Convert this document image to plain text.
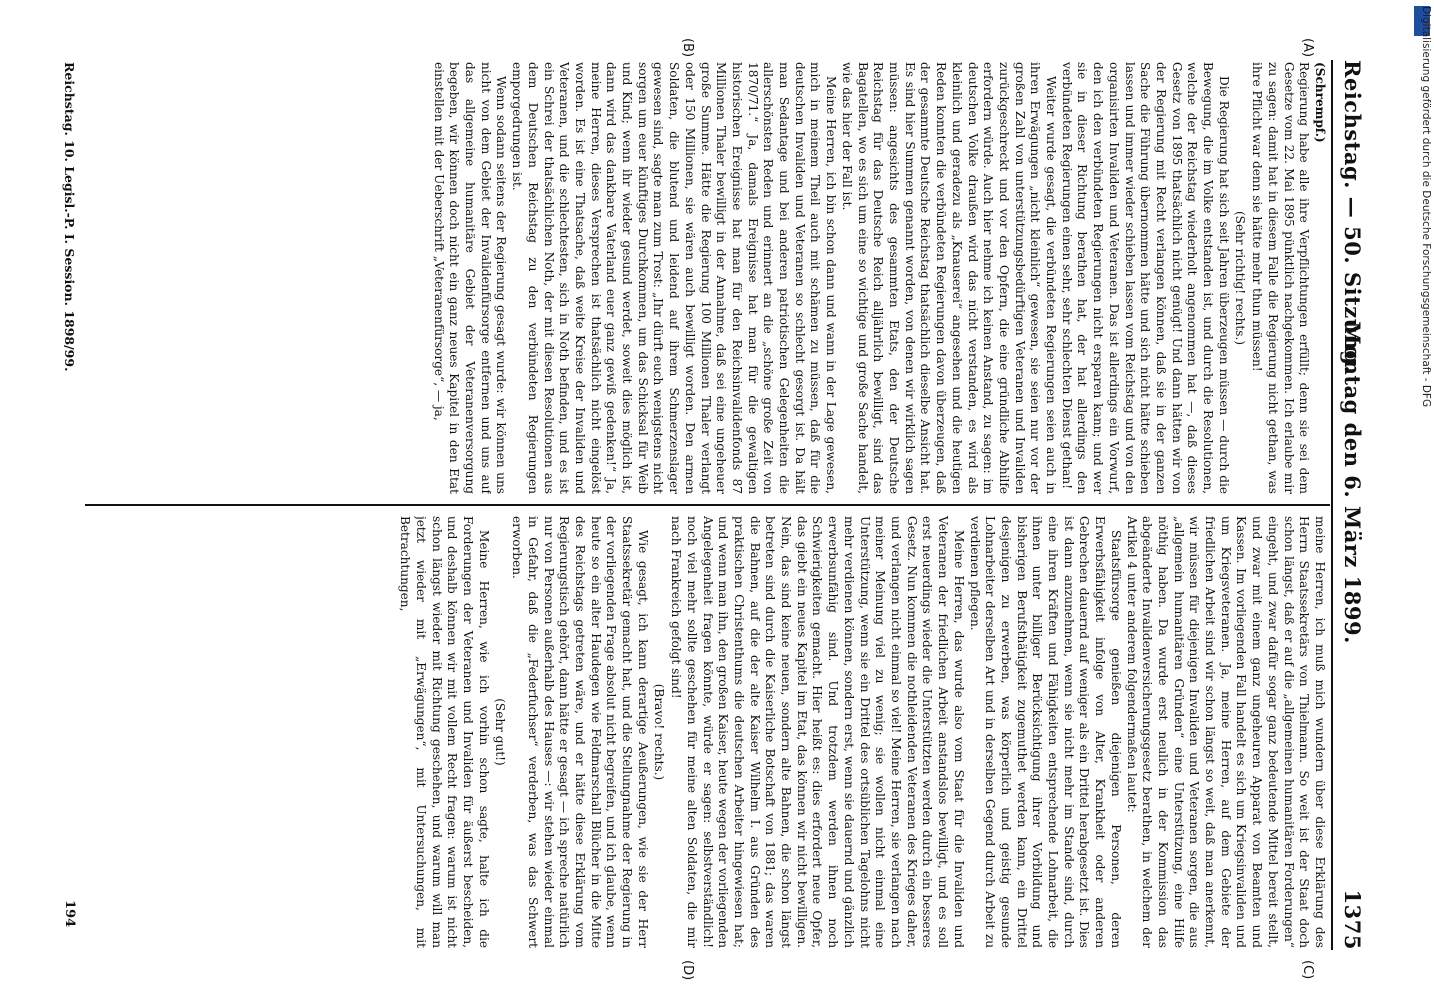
Reichstag. — 50. Sitzung.
Montag den 6. März 1899.  1375
(A)
(B)
(C)
(D)

(Schrempf.)

Regierung habe alle ihre Verpflichtungen erfüllt; denn sie sei dem Gesetze vom 22. Mai 1895 pünktlich nachgekommen. Ich erlaube mir zu sagen: damit hat in diesem Falle die Regierung nicht gethan, was ihre Pflicht war denn sie hätte mehr thun müssen!

(Sehr richtig! rechts.)

Die Regierung hat sich seit Jahren überzeugen müssen — durch die Bewegung, die im Volke entstanden ist, und durch die Resolutionen, welche der Reichstag wiederholt angenommen hat —, daß dieses Gesetz von 1895 thatsächlich nicht genügt! Und dann hätten wir von der Regierung mit Recht verlangen können, daß sie in der ganzen Sache die Führung übernommen hätte und sich nicht hätte schieben lassen und immer wieder schieben lassen vom Reichstag und von den organisirten Invaliden und Veteranen. Das ist allerdings ein Vorwurf, den ich den verbündeten Regierungen nicht ersparen kann; und wer sie in dieser Richtung berathen hat, der hat allerdings den verbündeten Regierungen einen sehr, sehr schlechten Dienst gethan!

Weiter wurde gesagt, die verbündeten Regierungen seien auch in ihren Erwägungen „nicht kleinlich“ gewesen, sie seien nur vor der großen Zahl von unterstützungsbedürftigen Veteranen und Invaliden zurückgeschreckt und vor den Opfern, die eine gründliche Abhilfe erfordern würde. Auch hier nehme ich keinen Anstand, zu sagen: im deutschen Volke draußen wird das nicht verstanden, es wird als kleinlich und geradezu als „Knauserei“ angesehen und die heutigen Reden konnten die verbündeten Regierungen davon überzeugen, daß der gesammte Deutsche Reichstag thatsächlich dieselbe Ansicht hat. Es sind hier Summen genannt worden, von denen wir wirklich sagen müssen: angesichts des gesammten Etats, den der Deutsche Reichstag für das Deutsche Reich alljährlich bewilligt, sind das Bagatellen, wo es sich um eine so wichtige und große Sache handelt, wie das hier der Fall ist.

Meine Herren, ich bin schon dann und wann in der Lage gewesen, mich in meinem Theil auch mit schämen zu müssen, daß für die deutschen Invaliden und Veteranen so schlecht gesorgt ist. Da hält man Sedantage und bei anderen patriotischen Gelegenheiten die allerschönsten Reden und erinnert an die „schöne große Zeit von 1870/71.“ Ja, damals Ereignisse hat man für die gewaltigen historischen Ereignisse hat man für den Reichsinvalidenfonds 87 Millionen Thaler bewilligt in der Annahme, daß sei eine ungeheuer große Summe. Hätte die Regierung 100 Millionen Thaler verlangt oder 150 Millionen, sie wären auch bewilligt worden. Den armen Soldaten, die blutend und leidend auf ihrem Schmerzenslager gewesen sind, sagte man zum Trost: „Ihr dürft euch wenigstens nicht sorgen um euer künftiges Durchkommen, um das Schicksal für Weib und Kind; wenn ihr wieder gesund werdet, soweit dies möglich ist, dann wird das dankbare Vaterland euer ganz gewiß gedenken!“ Ja, meine Herren, dieses Versprechen ist thatsächlich nicht eingelöst worden. Es ist eine Thatsache, daß weite Kreise der Invaliden und Veteranen, und die schlechtesten, sich in Noth befinden, und es ist ein Schrei der thatsächlichen Noth, der mit diesen Resolutionen aus dem Deutschen Reichstag zu den verbündeten Regierungen emporgedrungen ist.

Wenn sodann seitens der Regierung gesagt wurde: wir können uns nicht von dem Gebiet der Invalidenfürsorge entfernen und uns auf das allgemeine humanitäre Gebiet der Veteranenversorgung begeben, wir können doch nicht ein ganz neues Kapitel in den Etat einstellen mit der Ueberschrift „Veteranenfürsorge“, — ja,

meine Herren, ich muß mich wundern über diese Erklärung des Herrn Staatssekretärs von Thielmann. So weit ist der Staat doch schon längst, daß er auf die „allgemeinen humanitären Forderungen“ eingeht, und zwar dafür sogar ganz bedeutende Mittel bereit stellt, und zwar mit einem ganz ungeheuren Apparat von Beamten und Kassen. Im vorliegenden Fall handelt es sich um Kriegsinvaliden und um Kriegsveteranen. Ja, meine Herren, auf dem Gebiete der friedlichen Arbeit sind wir schon längst so weit, daß man anerkennt, wir müssen für diejenigen Invaliden und Veteranen sorgen, die aus „allgemein humanitären Gründen“ eine Unterstützung, eine Hilfe nöthig haben. Da wurde erst neulich in der Kommission das abgeänderte Invalidenversicherungsgesetz berathen, in welchem der Artikel 4 unter anderem folgendermaßen lautet:

Staatsfürsorge genießen diejenigen Personen, deren Erwerbsfähigkeit infolge von Alter, Krankheit oder anderen Gebrechen dauernd auf weniger als ein Drittel herabgesetzt ist. Dies ist dann anzunehmen, wenn sie nicht mehr im Stande sind, durch eine ihren Kräften und Fähigkeiten entsprechende Lohnarbeit, die ihnen unter billiger Berücksichtigung ihrer Vorbildung und bisherigen Berufsthätigkeit zugemuthet werden kann, ein Drittel desjenigen zu erwerben, was körperlich und geistig gesunde Lohnarbeiter derselben Art und in derselben Gegend durch Arbeit zu verdienen pflegen.

Meine Herren, das wurde also vom Staat für die Invaliden und Veteranen der friedlichen Arbeit anstandslos bewilligt, und es soll erst neuerdings wieder die Unterstützten werden durch ein besseres Gesetz. Nun kommen die nothleidenden Veteranen des Krieges daher, und verlangen nicht einmal so viel! Meine Herren, sie verlangen nach meiner Meinung viel zu wenig; sie wollen nicht einmal eine Unterstützung, wenn sie ein Drittel des ortsüblichen Tagelohns nicht mehr verdienen können, sondern erst, wenn sie dauernd und gänzlich erwerbsunfähig sind. Und trotzdem werden ihnen noch Schwierigkeiten gemacht. Hier heißt es: dies erfordert neue Opfer, das giebt ein neues Kapitel im Etat, das können wir nicht bewilligen. Nein, das sind keine neuen, sondern alte Bahnen, die schon längst betreten sind durch die Kaiserliche Botschaft von 1881; das waren die Bahnen, auf die der alte Kaiser Wilhelm I. aus Gründen des praktischen Christenthums die deutschen Arbeiter hingewiesen hat; und wenn man ihn, den großen Kaiser, heute wegen der vorliegenden Angelegenheit fragen könnte, würde er sagen: selbstverständlich! noch viel mehr sollte geschehen für meine alten Soldaten, die mir nach Frankreich gefolgt sind!

(Bravo! rechts.)

Wie gesagt, ich kann derartige Aeußerungen, wie sie der Herr Staatssekretär gemacht hat, und die Stellungnahme der Regierung in der vorliegenden Frage absolut nicht begreifen, und ich glaube, wenn heute so ein alter Haudegen wie Feldmarschall Blücher in die Mitte des Reichstags getreten wäre, und er hätte diese Erklärung vom Regierungstisch gehört, dann hätte er gesagt — ich spreche natürlich nur von Personen außerhalb des Hauses —: wir stehen wieder einmal in Gefahr, daß die „Federfuchser“ verderben, was das Schwert erworben.

(Sehr gut!)

Meine Herren, wie ich vorhin schon sagte, halte ich die Forderungen der Veteranen und Invaliden für äußerst bescheiden, und deshalb können wir mit vollem Recht fragen: warum ist nicht schon längst wieder mit Richtung geschehen, und warum will man jetzt wieder mit „Erwägungen“, mit Untersuchungen, mit Betrachtungen,

Reichstag. 10. Legisl.-P. I. Session. 1898/99.
194
Digitalisierung gefördert durch die Deutsche Forschungsgemeinschaft - DFG
